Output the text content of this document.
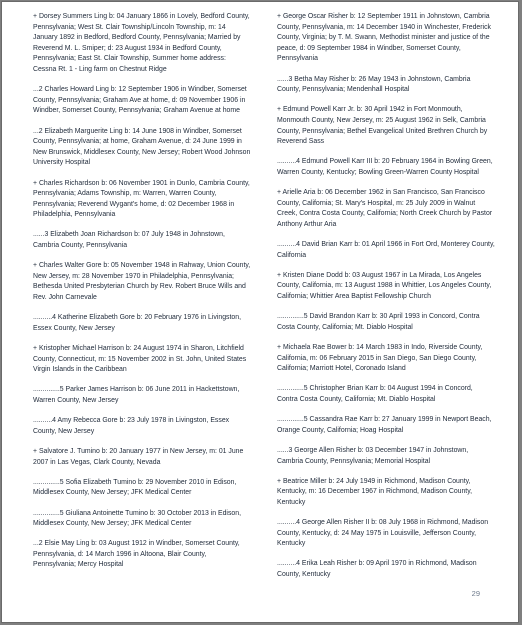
+ Dorsey Summers Ling b: 04 January 1866 in Lovely, Bedford County, Pennsylvania; West St. Clair Township/Lincoln Township, m: 14 January 1892 in Bedford, Bedford County, Pennsylvania; Married by Reverend M. L. Smiper; d: 23 August 1934 in Bedford County, Pennsylvania; East St. Clair Township, Summer home address: Cessna Rt. 1 - Ling farm on Chestnut Ridge

...2 Charles Howard Ling b: 12 September 1906 in Windber, Somerset County, Pennsylvania; Graham Ave at home, d: 09 November 1906 in Windber, Somerset County, Pennsylvania; Graham Avenue at home

...2 Elizabeth Marguerite Ling b: 14 June 1908 in Windber, Somerset County, Pennsylvania; at home, Graham Avenue, d: 24 June 1999 in New Brunswick, Middlesex County, New Jersey; Robert Wood Johnson University Hospital

+ Charles Richardson b: 06 November 1901 in Dunlo, Cambria County, Pennsylvania; Adams Township, m: Warren, Warren County, Pennsylvania; Reverend Wygant's home, d: 02 December 1968 in Philadelphia, Pennsylvania

......3 Elizabeth Joan Richardson b: 07 July 1948 in Johnstown, Cambria County, Pennsylvania

+ Charles Walter Gore b: 05 November 1948 in Rahway, Union County, New Jersey, m: 28 November 1970 in Philadelphia, Pennsylvania; Bethesda United Presbyterian Church by Rev. Robert Bruce Wills and Rev. John Carnevale

..........4 Katherine Elizabeth Gore b: 20 February 1976 in Livingston, Essex County, New Jersey

+ Kristopher Michael Harrison b: 24 August 1974 in Sharon, Litchfield County, Connecticut, m: 15 November 2002 in St. John, United States Virgin Islands in the Caribbean

..............5 Parker James Harrison b: 06 June 2011 in Hackettstown, Warren County, New Jersey

..........4 Amy Rebecca Gore b: 23 July 1978 in Livingston, Essex County, New Jersey

+ Salvatore J. Tumino b: 20 January 1977 in New Jersey, m: 01 June 2007 in Las Vegas, Clark County, Nevada

..............5 Sofia Elizabeth Tumino b: 29 November 2010 in Edison, Middlesex County, New Jersey; JFK Medical Center

..............5 Giuliana Antoinette Tumino b: 30 October 2013 in Edison, Middlesex County, New Jersey; JFK Medical Center

...2 Elsie May Ling b: 03 August 1912 in Windber, Somerset County, Pennsylvania, d: 14 March 1996 in Altoona, Blair County, Pennsylvania; Mercy Hospital

+ George Oscar Risher b: 12 September 1911 in Johnstown, Cambria County, Pennsylvania, m: 14 December 1940 in Winchester, Frederick County, Virginia; by T. M. Swann, Methodist minister and justice of the peace, d: 09 September 1984 in Windber, Somerset County, Pennsylvania

......3 Betha May Risher b: 26 May 1943 in Johnstown, Cambria County, Pennsylvania; Mendenhall Hospital

+ Edmund Powell Karr Jr. b: 30 April 1942 in Fort Monmouth, Monmouth County, New Jersey, m: 25 August 1962 in Selk, Cambria County, Pennsylvania; Bethel Evangelical United Brethren Church by Reverend Sass

..........4 Edmund Powell Karr III b: 20 February 1964 in Bowling Green, Warren County, Kentucky; Bowling Green-Warren County Hospital

+ Arielle Aria b: 06 December 1962 in San Francisco, San Francisco County, California; St. Mary's Hospital, m: 25 July 2009 in Walnut Creek, Contra Costa County, California; North Creek Church by Pastor Anthony Arthur Aria

..........4 David Brian Karr b: 01 April 1966 in Fort Ord, Monterey County, California

+ Kristen Diane Dodd b: 03 August 1967 in La Mirada, Los Angeles County, California, m: 13 August 1988 in Whittier, Los Angeles County, California; Whittier Area Baptist Fellowship Church

..............5 David Brandon Karr b: 30 April 1993 in Concord, Contra Costa County, California; Mt. Diablo Hospital

+ Michaela Rae Bower b: 14 March 1983 in Indo, Riverside County, California, m: 06 February 2015 in San Diego, San Diego County, California; Marriott Hotel, Coronado Island

..............5 Christopher Brian Karr b: 04 August 1994 in Concord, Contra Costa County, California; Mt. Diablo Hospital

..............5 Cassandra Rae Karr b: 27 January 1999 in Newport Beach, Orange County, California; Hoag Hospital

......3 George Allen Risher b: 03 December 1947 in Johnstown, Cambria County, Pennsylvania; Memorial Hospital

+ Beatrice Miller b: 24 July 1949 in Richmond, Madison County, Kentucky, m: 16 December 1967 in Richmond, Madison County, Kentucky

..........4 George Allen Risher II b: 08 July 1968 in Richmond, Madison County, Kentucky, d: 24 May 1975 in Louisville, Jefferson County, Kentucky

..........4 Erika Leah Risher b: 09 April 1970 in Richmond, Madison County, Kentucky

29
